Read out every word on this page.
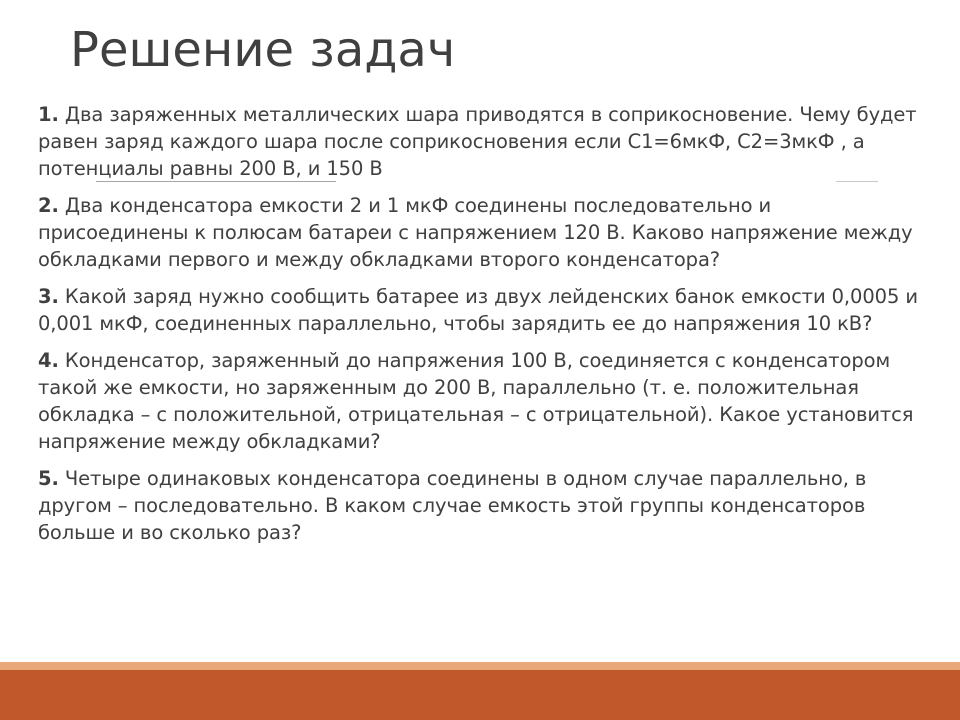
Решение задач
1. Два заряженных металлических шара приводятся в соприкосновение. Чему будет равен заряд каждого шара после соприкосновения если C1=6мкФ, С2=3мкФ , а потенциалы равны 200 В, и 150 В
2. Два конденсатора емкости 2 и 1 мкФ соединены последовательно и присоединены к полюсам батареи с напряжением 120 В. Каково напряжение между обкладками первого и между обкладками второго конденсатора?
3. Какой заряд нужно сообщить батарее из двух лейденских банок емкости 0,0005 и 0,001 мкФ, соединенных параллельно, чтобы зарядить ее до напряжения 10 кВ?
4. Конденсатор, заряженный до напряжения 100 В, соединяется с конденсатором такой же емкости, но заряженным до 200 В, параллельно (т. е. положительная обкладка – с положительной, отрицательная – с отрицательной). Какое установится напряжение между обкладками?
5. Четыре одинаковых конденсатора соединены в одном случае параллельно, в другом – последовательно. В каком случае емкость этой группы конденсаторов больше и во сколько раз?
